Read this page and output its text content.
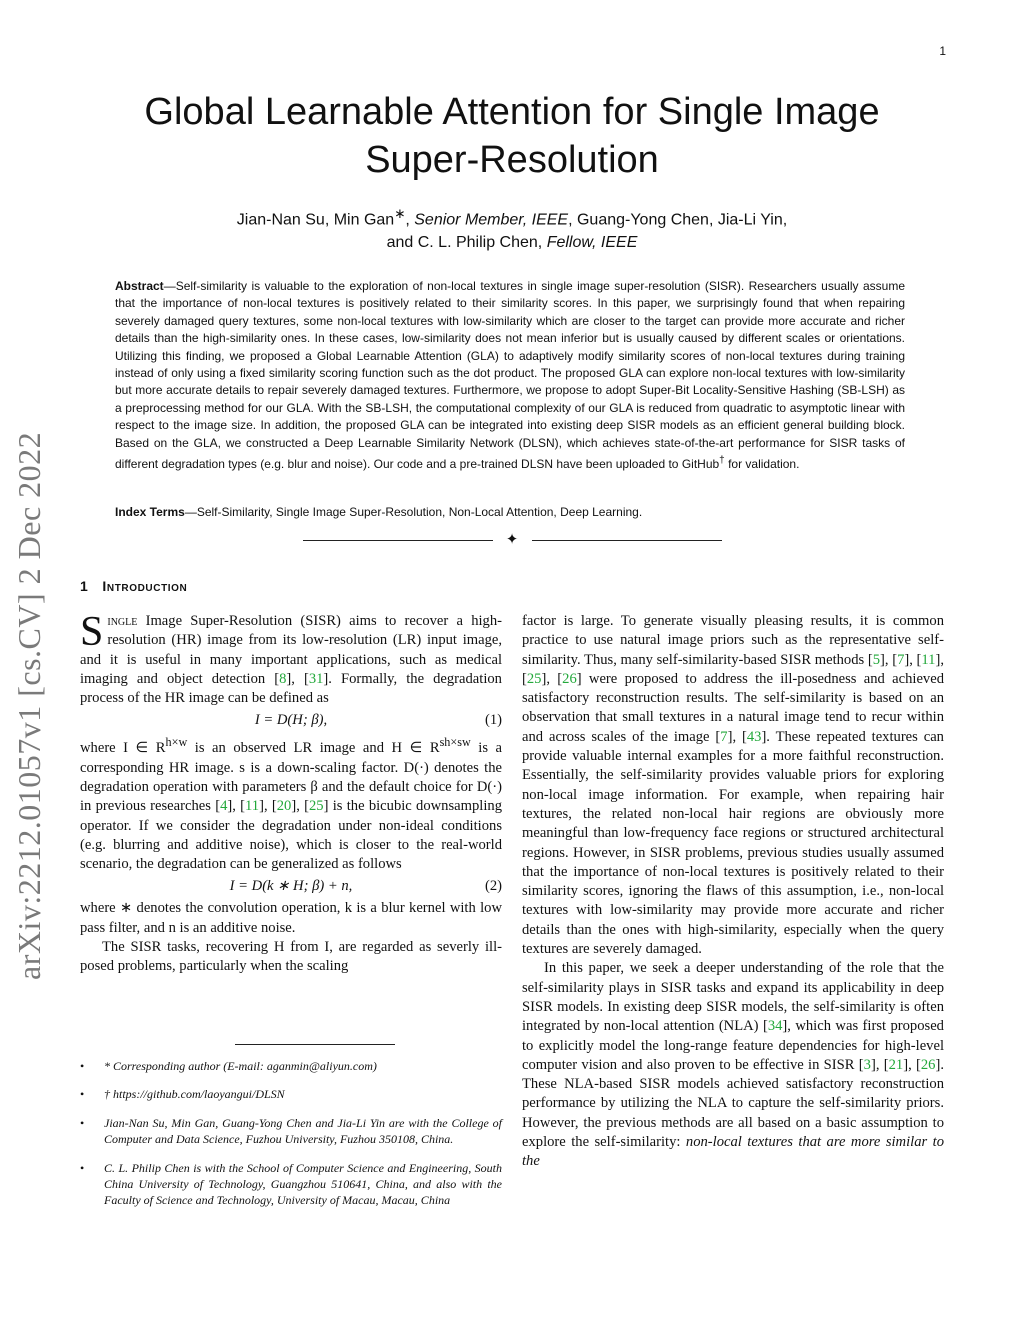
1
arXiv:2212.01057v1 [cs.CV] 2 Dec 2022
Global Learnable Attention for Single Image
Super-Resolution
Jian-Nan Su, Min Gan∗, Senior Member, IEEE, Guang-Yong Chen, Jia-Li Yin,
and C. L. Philip Chen, Fellow, IEEE
Abstract—Self-similarity is valuable to the exploration of non-local textures in single image super-resolution (SISR). Researchers usually assume that the importance of non-local textures is positively related to their similarity scores. In this paper, we surprisingly found that when repairing severely damaged query textures, some non-local textures with low-similarity which are closer to the target can provide more accurate and richer details than the high-similarity ones. In these cases, low-similarity does not mean inferior but is usually caused by different scales or orientations. Utilizing this finding, we proposed a Global Learnable Attention (GLA) to adaptively modify similarity scores of non-local textures during training instead of only using a fixed similarity scoring function such as the dot product. The proposed GLA can explore non-local textures with low-similarity but more accurate details to repair severely damaged textures. Furthermore, we propose to adopt Super-Bit Locality-Sensitive Hashing (SB-LSH) as a preprocessing method for our GLA. With the SB-LSH, the computational complexity of our GLA is reduced from quadratic to asymptotic linear with respect to the image size. In addition, the proposed GLA can be integrated into existing deep SISR models as an efficient general building block. Based on the GLA, we constructed a Deep Learnable Similarity Network (DLSN), which achieves state-of-the-art performance for SISR tasks of different degradation types (e.g. blur and noise). Our code and a pre-trained DLSN have been uploaded to GitHub† for validation.
Index Terms—Self-Similarity, Single Image Super-Resolution, Non-Local Attention, Deep Learning.
✦
1 Introduction

Single Image Super-Resolution (SISR) aims to recover a high-resolution (HR) image from its low-resolution (LR) input image, and it is useful in many important applications, such as medical imaging and object detection [8], [31]. Formally, the degradation process of the HR image can be defined as

I = D(H; β),	(1)

where I ∈ $R^{h\times w}$ is an observed LR image and H ∈ $R^{sh\times sw}$ is a corresponding HR image. s is a down-scaling factor. D(·) denotes the degradation operation with parameters β and the default choice for D(·) in previous researches [4], [11], [20], [25] is the bicubic downsampling operator. If we consider the degradation under non-ideal conditions (e.g. blurring and additive noise), which is closer to the real-world scenario, the degradation can be generalized as follows

I = D(k ∗ H; β) + n,	(2)

where ∗ denotes the convolution operation, k is a blur kernel with low pass filter, and n is an additive noise.

The SISR tasks, recovering H from I, are regarded as severly ill-posed problems, particularly when the scaling

• * Corresponding author (E-mail: aganmin@aliyun.com)
• † https://github.com/laoyangui/DLSN
• Jian-Nan Su, Min Gan, Guang-Yong Chen and Jia-Li Yin are with the College of Computer and Data Science, Fuzhou University, Fuzhou 350108, China.
• C. L. Philip Chen is with the School of Computer Science and Engineering, South China University of Technology, Guangzhou 510641, China, and also with the Faculty of Science and Technology, University of Macau, Macau, China

factor is large. To generate visually pleasing results, it is common practice to use natural image priors such as the representative self-similarity. Thus, many self-similarity-based SISR methods [5], [7], [11], [25], [26] were proposed to address the ill-posedness and achieved satisfactory reconstruction results. The self-similarity is based on an observation that small textures in a natural image tend to recur within and across scales of the image [7], [43]. These repeated textures can provide valuable internal examples for a more faithful reconstruction. Essentially, the self-similarity provides valuable priors for exploring non-local image information. For example, when repairing hair textures, the related non-local hair regions are obviously more meaningful than low-frequency face regions or structured architectural regions. However, in SISR problems, previous studies usually assumed that the importance of non-local textures is positively related to their similarity scores, ignoring the flaws of this assumption, i.e., non-local textures with low-similarity may provide more accurate and richer details than the ones with high-similarity, especially when the query textures are severely damaged.

In this paper, we seek a deeper understanding of the role that the self-similarity plays in SISR tasks and expand its applicability in deep SISR models. In existing deep SISR models, the self-similarity is often integrated by non-local attention (NLA) [34], which was first proposed to explicitly model the long-range feature dependencies for high-level computer vision and also proven to be effective in SISR [3], [21], [26]. These NLA-based SISR models achieved satisfactory reconstruction performance by utilizing the NLA to capture the self-similarity priors. However, the previous methods are all based on a basic assumption to explore the self-similarity: non-local textures that are more similar to the
